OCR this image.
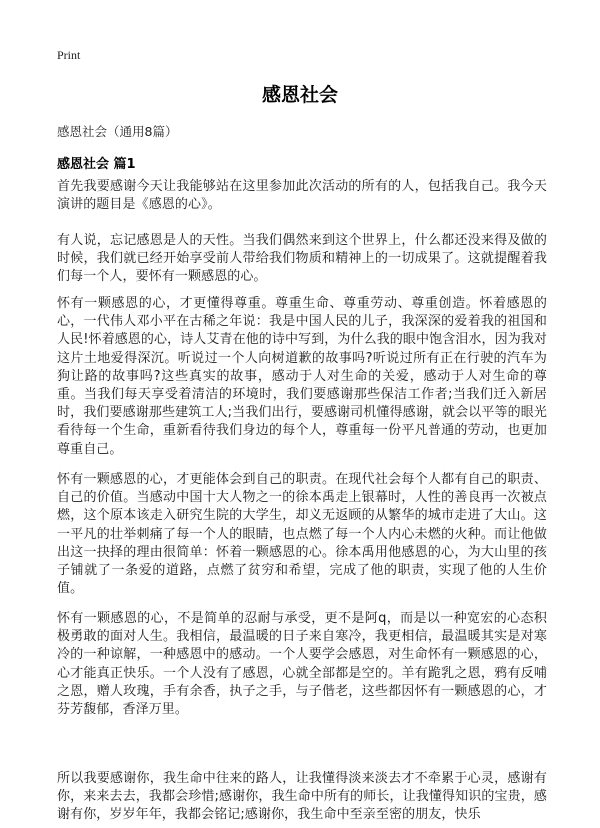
Print
感恩社会
感恩社会（通用8篇）
感恩社会 篇1

首先我要感谢今天让我能够站在这里参加此次活动的所有的人，包括我自己。我今天演讲的题目是《感恩的心》。

有人说，忘记感恩是人的天性。当我们偶然来到这个世界上，什么都还没来得及做的时候，我们就已经开始享受前人带给我们物质和精神上的一切成果了。这就提醒着我们每一个人，要怀有一颗感恩的心。

怀有一颗感恩的心，才更懂得尊重。尊重生命、尊重劳动、尊重创造。怀着感恩的心，一代伟人邓小平在古稀之年说：我是中国人民的儿子，我深深的爱着我的祖国和人民!怀着感恩的心，诗人艾青在他的诗中写到，为什么我的眼中饱含泪水，因为我对这片土地爱得深沉。听说过一个人向树道歉的故事吗?听说过所有正在行驶的汽车为狗让路的故事吗?这些真实的故事，感动于人对生命的关爱，感动于人对生命的尊重。当我们每天享受着清洁的环境时，我们要感谢那些保洁工作者;当我们迁入新居时，我们要感谢那些建筑工人;当我们出行，要感谢司机懂得感谢，就会以平等的眼光看待每一个生命，重新看待我们身边的每个人，尊重每一份平凡普通的劳动，也更加尊重自己。

怀有一颗感恩的心，才更能体会到自己的职责。在现代社会每个人都有自己的职责、自己的价值。当感动中国十大人物之一的徐本禹走上银幕时，人性的善良再一次被点燃，这个原本该走入研究生院的大学生，却义无返顾的从繁华的城市走进了大山。这一平凡的壮举刺痛了每一个人的眼睛，也点燃了每一个人内心未燃的火种。而让他做出这一抉择的理由很简单：怀着一颗感恩的心。徐本禹用他感恩的心，为大山里的孩子铺就了一条爱的道路，点燃了贫穷和希望，完成了他的职责，实现了他的人生价值。

怀有一颗感恩的心，不是简单的忍耐与承受，更不是阿q，而是以一种宽宏的心态积极勇敢的面对人生。我相信，最温暖的日子来自寒冷，我更相信，最温暖其实是对寒冷的一种谅解，一种感恩中的感动。一个人要学会感恩，对生命怀有一颗感恩的心，心才能真正快乐。一个人没有了感恩，心就全部都是空的。羊有跪乳之恩，鸦有反哺之恩，赠人玫瑰，手有余香，执子之手，与子偕老，这些都因怀有一颗感恩的心，才芬芳馥郁，香泽万里。

所以我要感谢你，我生命中往来的路人，让我懂得淡来淡去才不牵累于心灵，感谢有你，来来去去，我都会珍惜;感谢你，我生命中所有的师长，让我懂得知识的宝贵，感谢有你，岁岁年年，我都会铭记;感谢你，我生命中至亲至密的朋友，快乐
